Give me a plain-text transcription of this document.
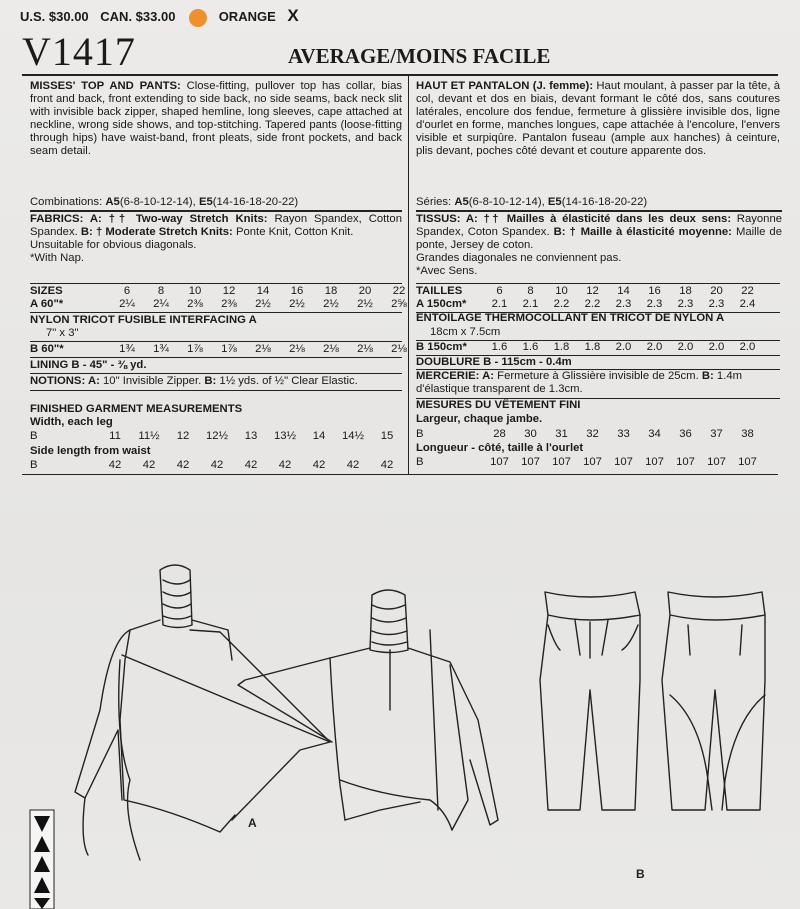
U.S. $30.00 CAN. $33.00	ORANGE X
V1417	AVERAGE/MOINS FACILE
MISSES' TOP AND PANTS: Close-fitting, pullover top has collar, bias front and back, front extending to side back, no side seams, back neck slit with invisible back zipper, shaped hemline, long sleeves, cape attached at neckline, wrong side shows, and top-stitching. Tapered pants (loose-fitting through hips) have waist-band, front pleats, side front pockets, and back seam detail.
Combinations: A5(6-8-10-12-14), E5(14-16-18-20-22)
FABRICS: A: †† Two-way Stretch Knits: Rayon Spandex, Cotton Spandex. B: † Moderate Stretch Knits: Ponte Knit, Cotton Knit.
Unsuitable for obvious diagonals.
*With Nap.
SIZES	6	8	10	12	14	16	18	20	22
A 60"*	2¼	2¼	2⅜	2⅜	2½	2½	2½	2½	2⅝
NYLON TRICOT FUSIBLE INTERFACING A
7" x 3"
B 60"*	1¾	1¾	1⅞	1⅞	2⅛	2⅛	2⅛	2⅛	2⅛
LINING B - 45" - ⅜ yd.
NOTIONS: A: 10" Invisible Zipper. B: 1½ yds. of ½" Clear Elastic.
FINISHED GARMENT MEASUREMENTS
Width, each leg
B	11	11½	12	12½	13	13½	14	14½	15
Side length from waist
B	42	42	42	42	42	42	42	42	42
HAUT ET PANTALON (J. femme): Haut moulant, à passer par la tête, à col, devant et dos en biais, devant formant le côté dos, sans coutures latérales, encolure dos fendue, fermeture à glissière invisible dos, ligne d'ourlet en forme, manches longues, cape attachée à l'encolure, l'envers visible et surpiqûre. Pantalon fuseau (ample aux hanches) à ceinture, plis devant, poches côté devant et couture apparente dos.
Séries: A5(6-8-10-12-14), E5(14-16-18-20-22)
TISSUS: A: †† Mailles à élasticité dans les deux sens: Rayonne Spandex, Coton Spandex. B: † Maille à élasticité moyenne: Maille de ponte, Jersey de coton.
Grandes diagonales ne conviennent pas.
*Avec Sens.
TAILLES	6	8	10	12	14	16	18	20	22
A 150cm*	2.1	2.1	2.2	2.2	2.3	2.3	2.3	2.3	2.4
ENTOILAGE THERMOCOLLANT EN TRICOT DE NYLON A
18cm x 7.5cm
B 150cm*	1.6	1.6	1.8	1.8	2.0	2.0	2.0	2.0	2.0
DOUBLURE B - 115cm - 0.4m
MERCERIE: A: Fermeture à Glissière invisible de 25cm. B: 1.4m d'élastique transparent de 1.3cm.
MESURES DU VÊTEMENT FINI
Largeur, chaque jambe.
B	28	30	31	32	33	34	36	37	38
Longueur - côté, taille à l'ourlet
B	107	107	107	107	107	107	107	107	107
A
B
